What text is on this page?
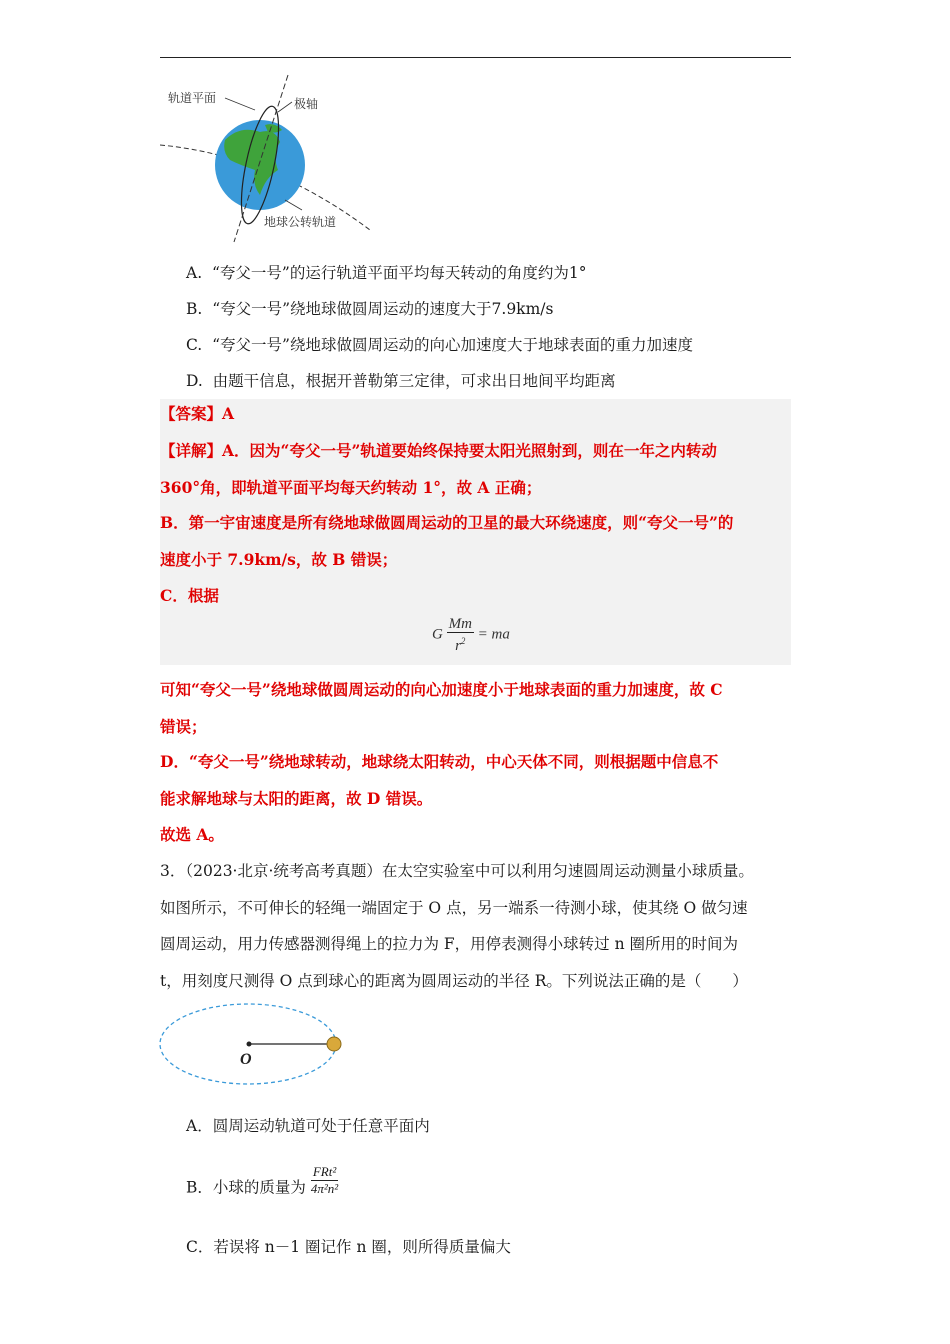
轨道平面	极轴
地球公转轨道
A. “夸父一号”的运行轨道平面平均每天转动的角度约为1°
B. “夸父一号”绕地球做圆周运动的速度大于7.9km/s
C. “夸父一号”绕地球做圆周运动的向心加速度大于地球表面的重力加速度
D. 由题干信息，根据开普勒第三定律，可求出日地间平均距离
【答案】A
【详解】A．因为“夸父一号”轨道要始终保持要太阳光照射到，则在一年之内转动
360°角，即轨道平面平均每天约转动 1°，故 A 正确；
B．第一宇宙速度是所有绕地球做圆周运动的卫星的最大环绕速度，则“夸父一号”的
速度小于 7.9km/s，故 B 错误；
C．根据
G $\frac{Mm}{r^2}$ = ma
可知“夸父一号”绕地球做圆周运动的向心加速度小于地球表面的重力加速度，故 C
错误；
D．“夸父一号”绕地球转动，地球绕太阳转动，中心天体不同，则根据题中信息不
能求解地球与太阳的距离，故 D 错误。
故选 A。
3．（2023·北京·统考高考真题）在太空实验室中可以利用匀速圆周运动测量小球质量。
如图所示，不可伸长的轻绳一端固定于 O 点，另一端系一待测小球，使其绕 O 做匀速
圆周运动，用力传感器测得绳上的拉力为 F，用停表测得小球转过 n 圈所用的时间为
t，用刻度尺测得 O 点到球心的距离为圆周运动的半径 R。下列说法正确的是（　　）
O
A．圆周运动轨道可处于任意平面内
B．小球的质量为 $\frac{\text{FRt²}}{\text{4π²n²}}$
C．若误将 n－1 圈记作 n 圈，则所得质量偏大
